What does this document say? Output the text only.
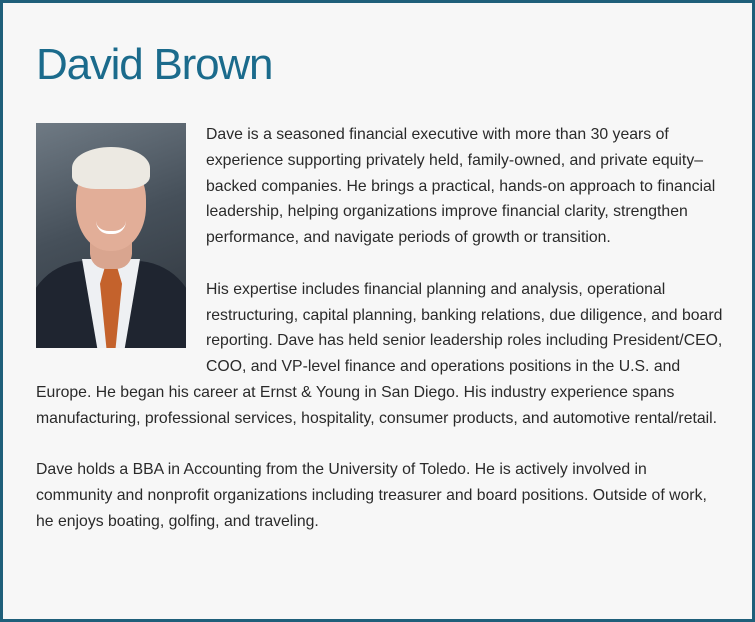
David Brown

Dave is a seasoned financial executive with more than 30 years of experience supporting privately held, family-owned, and private equity–backed companies. He brings a practical, hands-on approach to financial leadership, helping organizations improve financial clarity, strengthen performance, and navigate periods of growth or transition.

His expertise includes financial planning and analysis, operational restructuring, capital planning, banking relations, due diligence, and board reporting. Dave has held senior leadership roles including President/CEO, COO, and VP-level finance and operations positions in the U.S. and Europe. He began his career at Ernst & Young in San Diego. His industry experience spans manufacturing, professional services, hospitality, consumer products, and automotive rental/retail.

Dave holds a BBA in Accounting from the University of Toledo. He is actively involved in community and nonprofit organizations including treasurer and board positions. Outside of work, he enjoys boating, golfing, and traveling.
